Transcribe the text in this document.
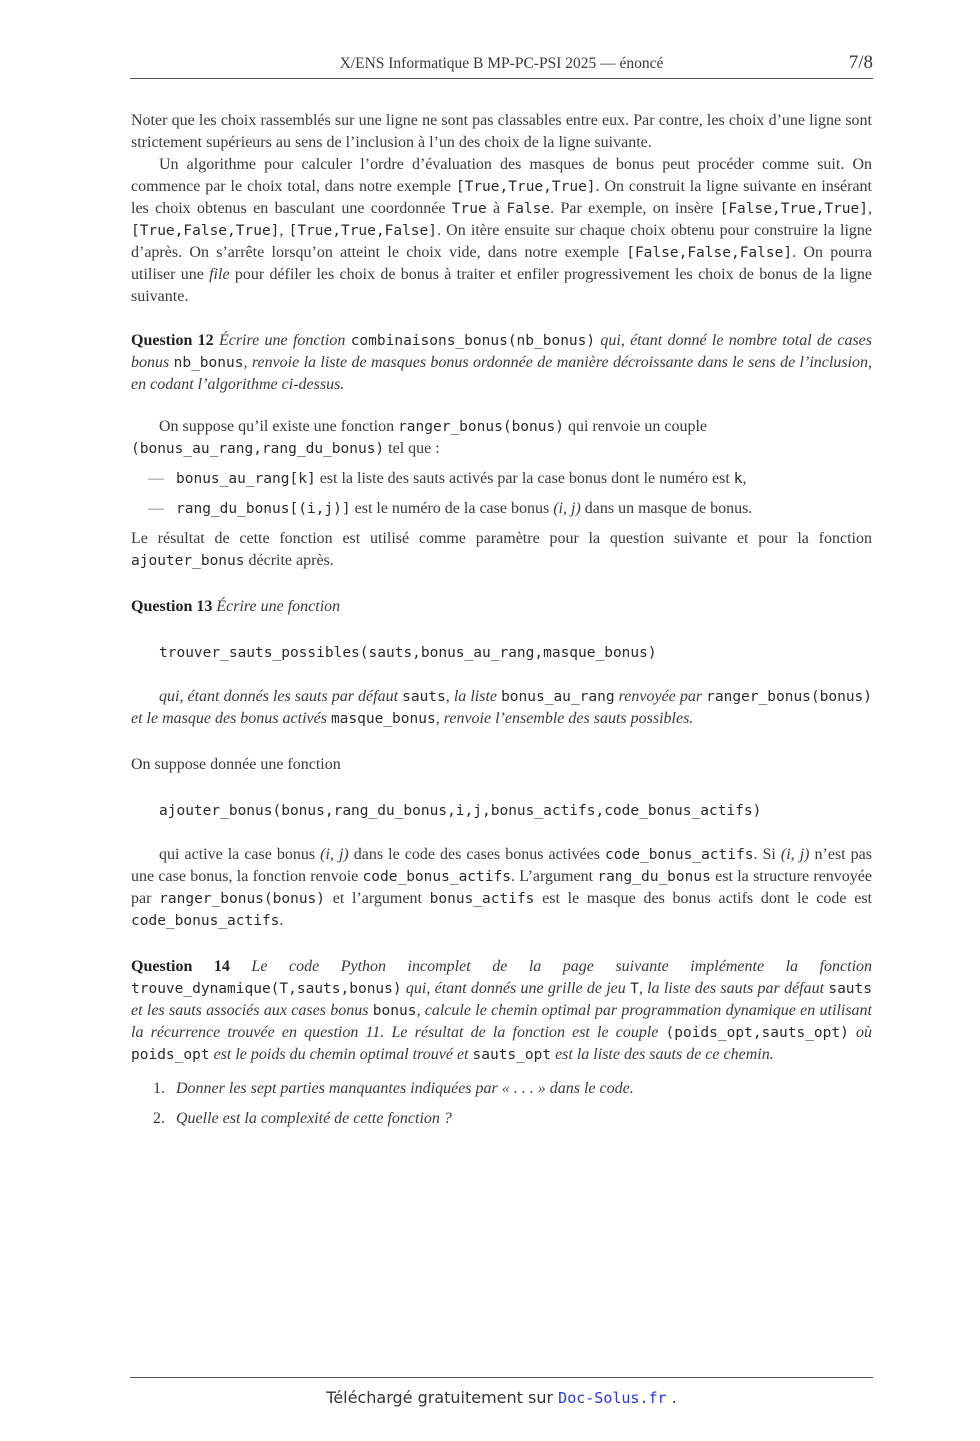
X/ENS Informatique B MP-PC-PSI 2025 — énoncé	7/8

Noter que les choix rassemblés sur une ligne ne sont pas classables entre eux. Par contre, les choix d’une ligne sont strictement supérieurs au sens de l’inclusion à l’un des choix de la ligne suivante.

Un algorithme pour calculer l’ordre d’évaluation des masques de bonus peut procéder comme suit. On commence par le choix total, dans notre exemple [True,True,True]. On construit la ligne suivante en insérant les choix obtenus en basculant une coordonnée True à False. Par exemple, on insère [False,True,True], [True,False,True], [True,True,False]. On itère ensuite sur chaque choix obtenu pour construire la ligne d’après. On s’arrête lorsqu’on atteint le choix vide, dans notre exemple [False,False,False]. On pourra utiliser une file pour défiler les choix de bonus à traiter et enfiler progressivement les choix de bonus de la ligne suivante.

Question 12 Écrire une fonction combinaisons_bonus(nb_bonus) qui, étant donné le nombre total de cases bonus nb_bonus, renvoie la liste de masques bonus ordonnée de manière décroissante dans le sens de l’inclusion, en codant l’algorithme ci-dessus.

On suppose qu’il existe une fonction ranger_bonus(bonus) qui renvoie un couple
(bonus_au_rang,rang_du_bonus) tel que :

— bonus_au_rang[k] est la liste des sauts activés par la case bonus dont le numéro est k,
— rang_du_bonus[(i,j)] est le numéro de la case bonus (i, j) dans un masque de bonus.

Le résultat de cette fonction est utilisé comme paramètre pour la question suivante et pour la fonction ajouter_bonus décrite après.

Question 13 Écrire une fonction

trouver_sauts_possibles(sauts,bonus_au_rang,masque_bonus)

qui, étant donnés les sauts par défaut sauts, la liste bonus_au_rang renvoyée par ranger_bonus(bonus) et le masque des bonus activés masque_bonus, renvoie l’ensemble des sauts possibles.

On suppose donnée une fonction

ajouter_bonus(bonus,rang_du_bonus,i,j,bonus_actifs,code_bonus_actifs)

qui active la case bonus (i, j) dans le code des cases bonus activées code_bonus_actifs. Si (i, j) n’est pas une case bonus, la fonction renvoie code_bonus_actifs. L’argument rang_du_bonus est la structure renvoyée par ranger_bonus(bonus) et l’argument bonus_actifs est le masque des bonus actifs dont le code est code_bonus_actifs.

Question 14 Le code Python incomplet de la page suivante implémente la fonction trouve_dynamique(T,sauts,bonus) qui, étant donnés une grille de jeu T, la liste des sauts par défaut sauts et les sauts associés aux cases bonus bonus, calcule le chemin optimal par programmation dynamique en utilisant la récurrence trouvée en question 11. Le résultat de la fonction est le couple (poids_opt,sauts_opt) où poids_opt est le poids du chemin optimal trouvé et sauts_opt est la liste des sauts de ce chemin.

1. Donner les sept parties manquantes indiquées par « . . . » dans le code.
2. Quelle est la complexité de cette fonction ?
Téléchargé gratuitement sur Doc-Solus.fr .
